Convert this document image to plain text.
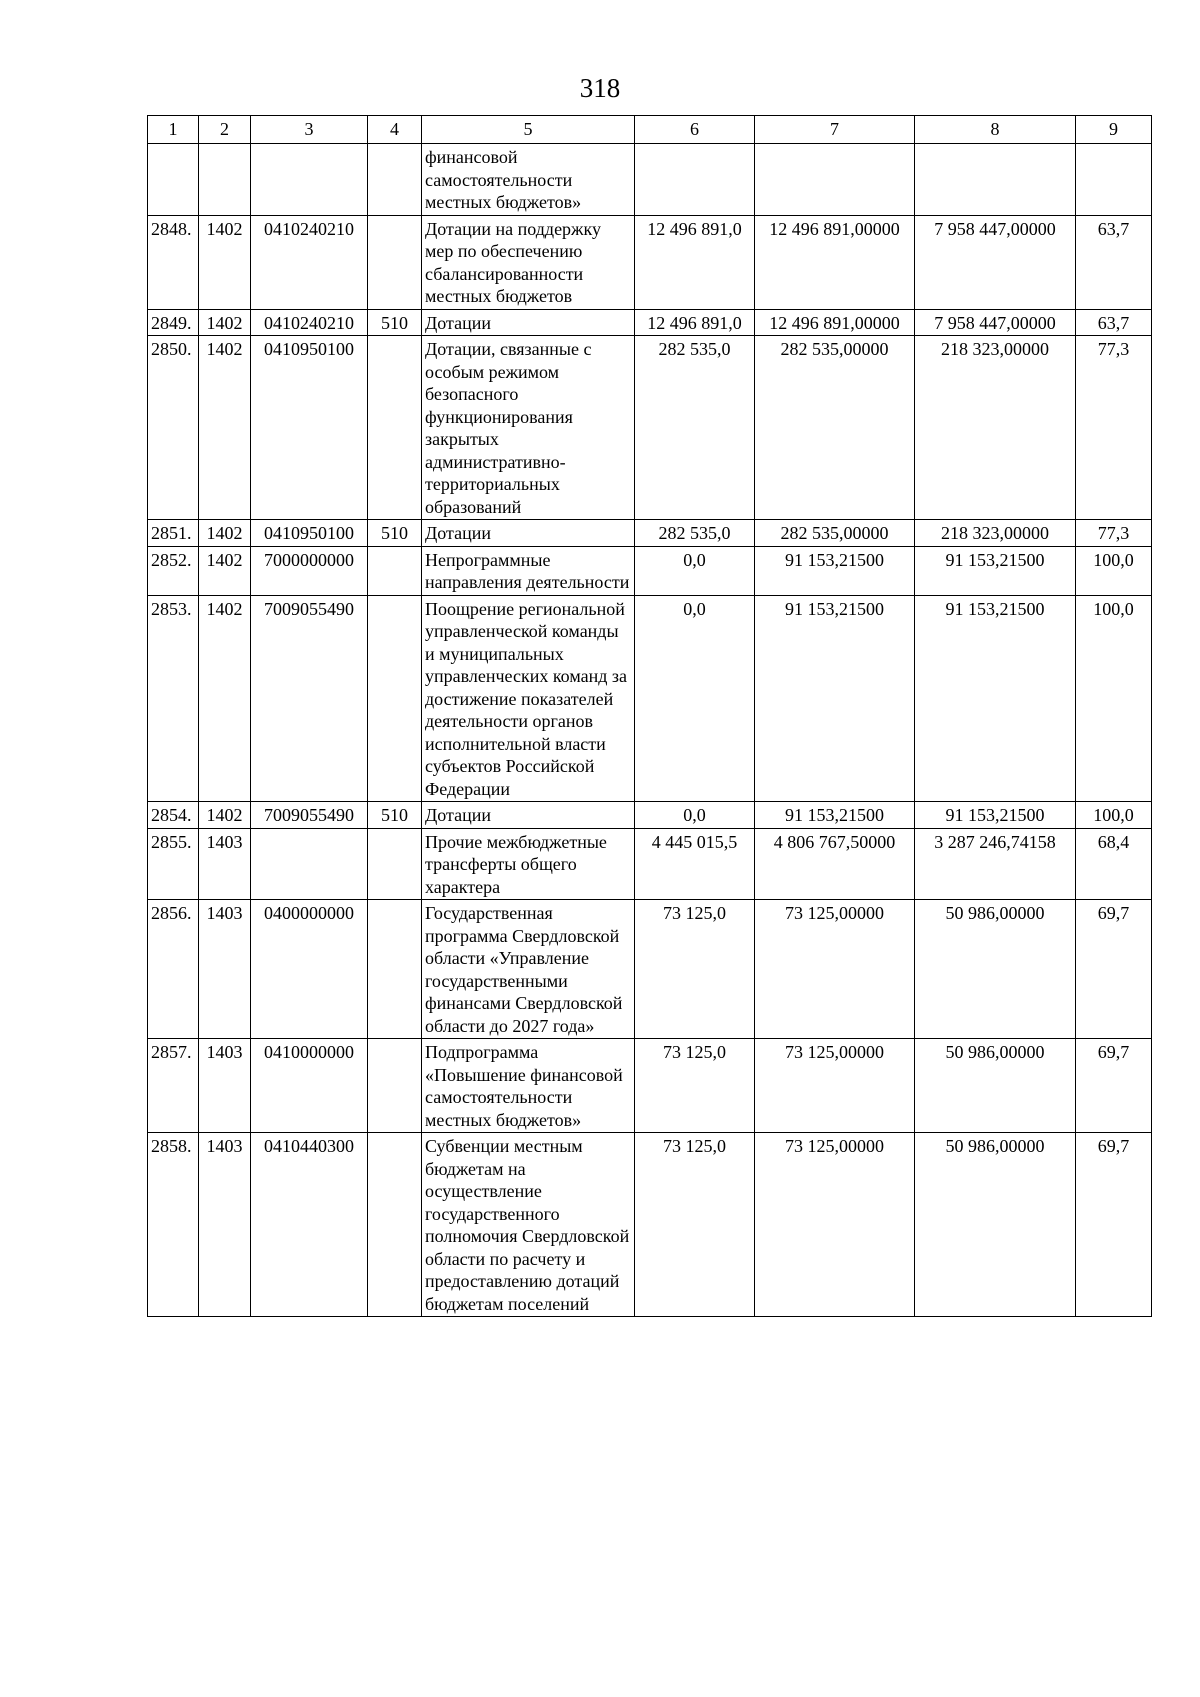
318
1	2	3	4	5	6	7	8	9
				финансовой самостоятельности местных бюджетов»				
2848.	1402	0410240210		Дотации на поддержку мер по обеспечению сбалансированности местных бюджетов	12 496 891,0	12 496 891,00000	7 958 447,00000	63,7
2849.	1402	0410240210	510	Дотации	12 496 891,0	12 496 891,00000	7 958 447,00000	63,7
2850.	1402	0410950100		Дотации, связанные с особым режимом безопасного функционирования закрытых административно-территориальных образований	282 535,0	282 535,00000	218 323,00000	77,3
2851.	1402	0410950100	510	Дотации	282 535,0	282 535,00000	218 323,00000	77,3
2852.	1402	7000000000		Непрограммные направления деятельности	0,0	91 153,21500	91 153,21500	100,0
2853.	1402	7009055490		Поощрение региональной управленческой команды и муниципальных управленческих команд за достижение показателей деятельности органов исполнительной власти субъектов Российской Федерации	0,0	91 153,21500	91 153,21500	100,0
2854.	1402	7009055490	510	Дотации	0,0	91 153,21500	91 153,21500	100,0
2855.	1403			Прочие межбюджетные трансферты общего характера	4 445 015,5	4 806 767,50000	3 287 246,74158	68,4
2856.	1403	0400000000		Государственная программа Свердловской области «Управление государственными финансами Свердловской области до 2027 года»	73 125,0	73 125,00000	50 986,00000	69,7
2857.	1403	0410000000		Подпрограмма «Повышение финансовой самостоятельности местных бюджетов»	73 125,0	73 125,00000	50 986,00000	69,7
2858.	1403	0410440300		Субвенции местным бюджетам на осуществление государственного полномочия Свердловской области по расчету и предоставлению дотаций бюджетам поселений	73 125,0	73 125,00000	50 986,00000	69,7
